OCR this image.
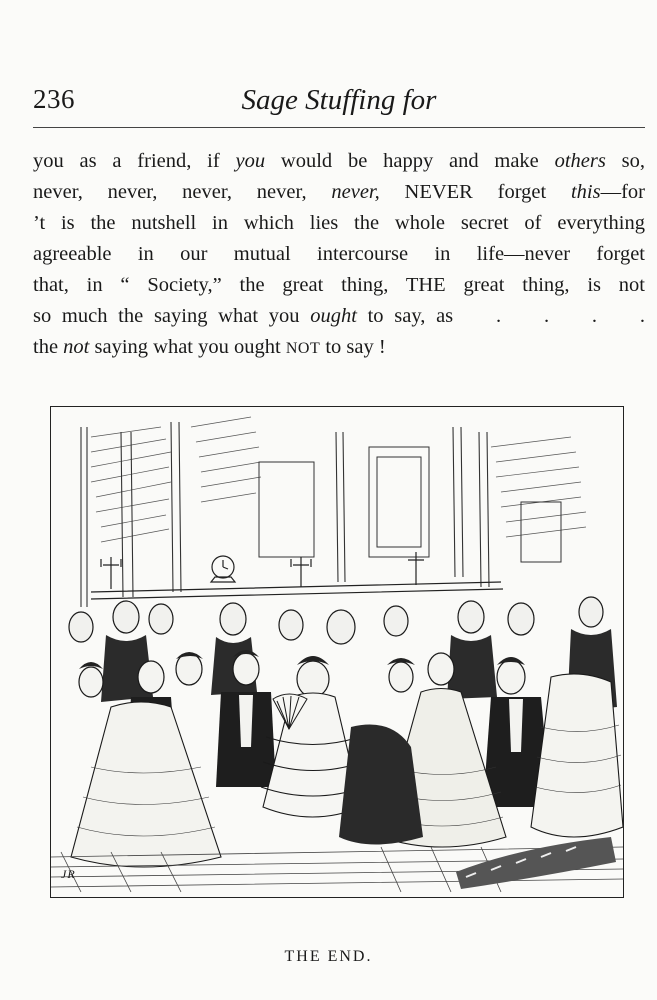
236	Sage Stuffing for
you as a friend, if you would be happy and make others so,
never, never, never, never, never, NEVER forget this—for
’t is the nutshell in which lies the whole secret of everything
agreeable in our mutual intercourse in life—never forget
that, in “ Society,” the great thing, THE great thing, is not
so much the saying what you ought to say, as    .    .    .    .
the not saying what you ought NOT to say !
JR
THE END.
